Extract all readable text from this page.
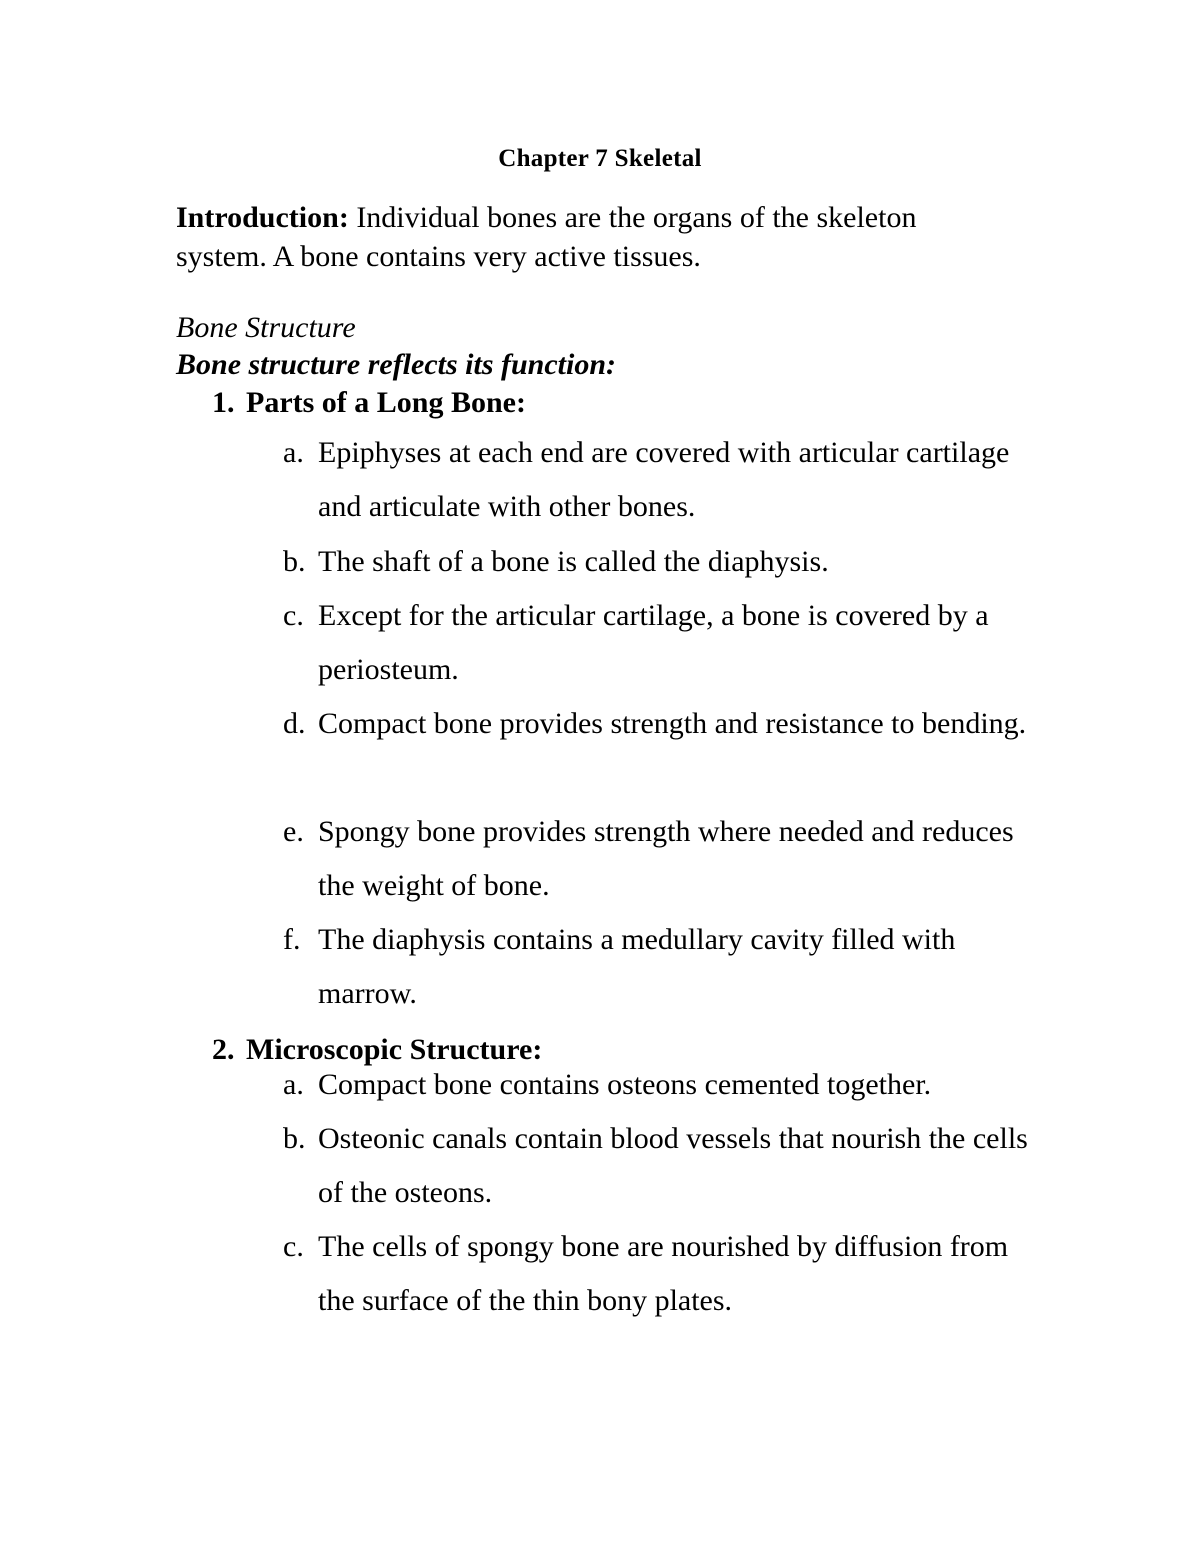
Chapter 7 Skeletal
Introduction: Individual bones are the organs of the skeleton system. A bone contains very active tissues.
Bone Structure
Bone structure reflects its function:
1. Parts of a Long Bone:
a. Epiphyses at each end are covered with articular cartilage and articulate with other bones.
b. The shaft of a bone is called the diaphysis.
c. Except for the articular cartilage, a bone is covered by a periosteum.
d. Compact bone provides strength and resistance to bending.
e. Spongy bone provides strength where needed and reduces the weight of bone.
f. The diaphysis contains a medullary cavity filled with marrow.
2. Microscopic Structure:
a. Compact bone contains osteons cemented together.
b. Osteonic canals contain blood vessels that nourish the cells of the osteons.
c. The cells of spongy bone are nourished by diffusion from the surface of the thin bony plates.
